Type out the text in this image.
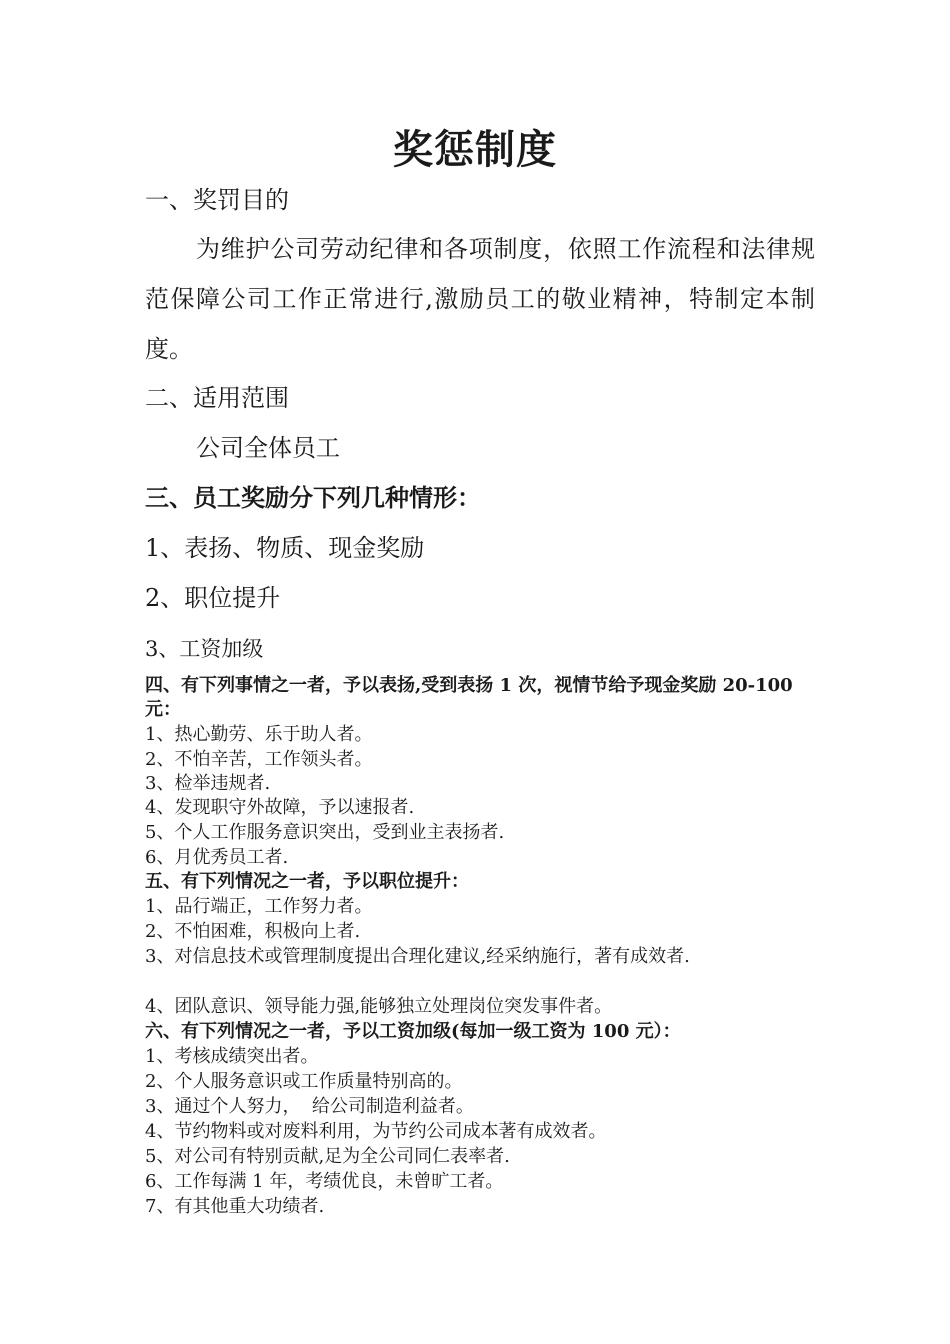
奖惩制度
一、奖罚目的
为维护公司劳动纪律和各项制度，依照工作流程和法律规范保障公司工作正常进行,激励员工的敬业精神，特制定本制度。
二、适用范围
公司全体员工
三、员工奖励分下列几种情形：
1、表扬、物质、现金奖励
2、职位提升
3、工资加级
四、有下列事情之一者，予以表扬,受到表扬 1 次，视情节给予现金奖励 20-100 元：
1、热心勤劳、乐于助人者。
2、不怕辛苦，工作领头者。
3、检举违规者.
4、发现职守外故障，予以速报者.
5、个人工作服务意识突出，受到业主表扬者.
6、月优秀员工者.
五、有下列情况之一者，予以职位提升：
1、品行端正，工作努力者。
2、不怕困难，积极向上者.
3、对信息技术或管理制度提出合理化建议,经采纳施行，著有成效者.
4、团队意识、领导能力强,能够独立处理岗位突发事件者。
六、有下列情况之一者，予以工资加级(每加一级工资为 100 元）：
1、考核成绩突出者。
2、个人服务意识或工作质量特别高的。
3、通过个人努力，  给公司制造利益者。
4、节约物料或对废料利用，为节约公司成本著有成效者。
5、对公司有特别贡献,足为全公司同仁表率者.
6、工作每满 1 年，考绩优良，未曾旷工者。
7、有其他重大功绩者.
